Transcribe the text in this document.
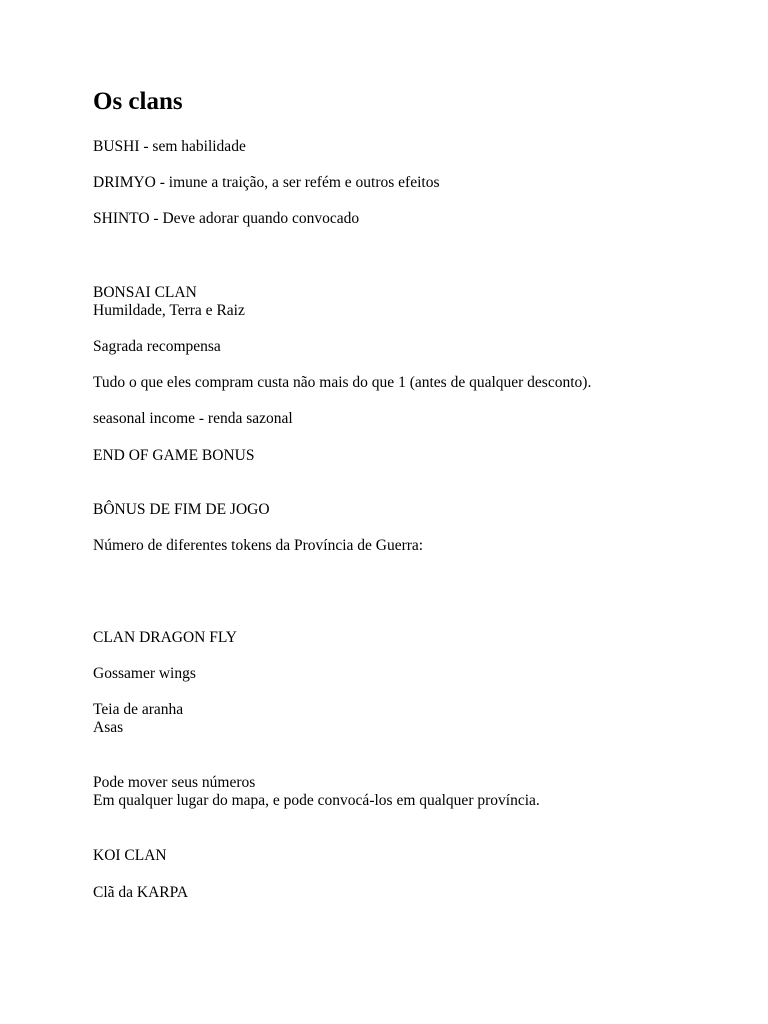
Os clans
BUSHI - sem habilidade
DRIMYO - imune a traição, a ser refém e outros efeitos
SHINTO - Deve adorar quando convocado
BONSAI CLAN
Humildade, Terra e Raiz
Sagrada recompensa
Tudo o que eles compram custa não mais do que 1 (antes de qualquer desconto).
seasonal income - renda sazonal
END OF GAME BONUS
BÔNUS DE FIM DE JOGO
Número de diferentes tokens da Província de Guerra:
CLAN DRAGON FLY
Gossamer wings
Teia de aranha
Asas
Pode mover seus números
Em qualquer lugar do mapa, e pode convocá-los em qualquer província.
KOI CLAN
Clã da KARPA
